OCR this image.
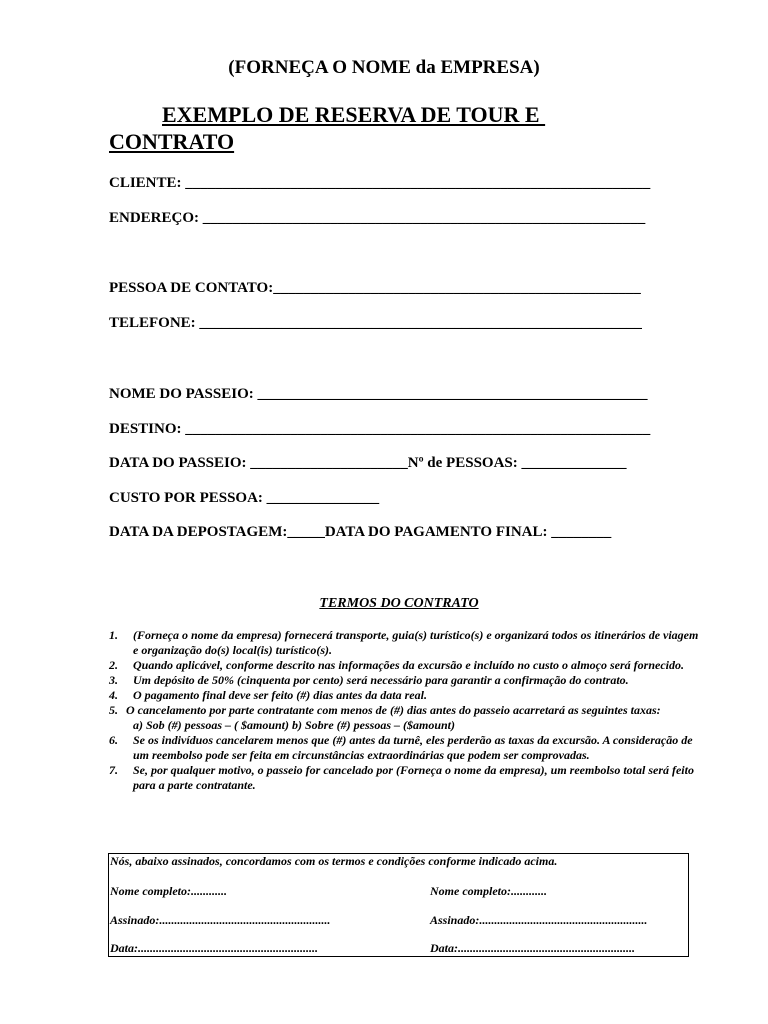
(FORNEÇA O NOME da EMPRESA)
EXEMPLO DE RESERVA DE TOUR E
CONTRATO
CLIENTE: ______________________________________________________________
ENDEREÇO: ___________________________________________________________
PESSOA DE CONTATO:_________________________________________________
TELEFONE: ___________________________________________________________
NOME DO PASSEIO: ____________________________________________________
DESTINO: ______________________________________________________________
DATA DO PASSEIO: _____________________Nº de PESSOAS: ______________
CUSTO POR PESSOA: _______________
DATA DA DEPOSTAGEM:_____DATA DO PAGAMENTO FINAL: ________
TERMOS DO CONTRATO
1. (Forneça o nome da empresa) fornecerá transporte, guia(s) turístico(s) e organizará todos os itinerários de viagem e organização do(s) local(is) turístico(s).
2. Quando aplicável, conforme descrito nas informações da excursão e incluído no custo o almoço será fornecido.
3. Um depósito de 50% (cinquenta por cento) será necessário para garantir a confirmação do contrato.
4. O pagamento final deve ser feito (#) dias antes da data real.
5. O cancelamento por parte contratante com menos de (#) dias antes do passeio acarretará as seguintes taxas:
a) Sob (#) pessoas – ( $amount) b) Sobre (#) pessoas – ($amount)
6. Se os indivíduos cancelarem menos que (#) antes da turnê, eles perderão as taxas da excursão. A consideração de um reembolso pode ser feita em circunstâncias extraordinárias que podem ser comprovadas.
7. Se, por qualquer motivo, o passeio for cancelado por (Forneça o nome da empresa), um reembolso total será feito para a parte contratante.
Nós, abaixo assinados, concordamos com os termos e condições conforme indicado acima.
Nome completo:............	Nome completo:............
Assinado:.........................................................	Assinado:........................................................
Data:............................................................	Data:...........................................................
